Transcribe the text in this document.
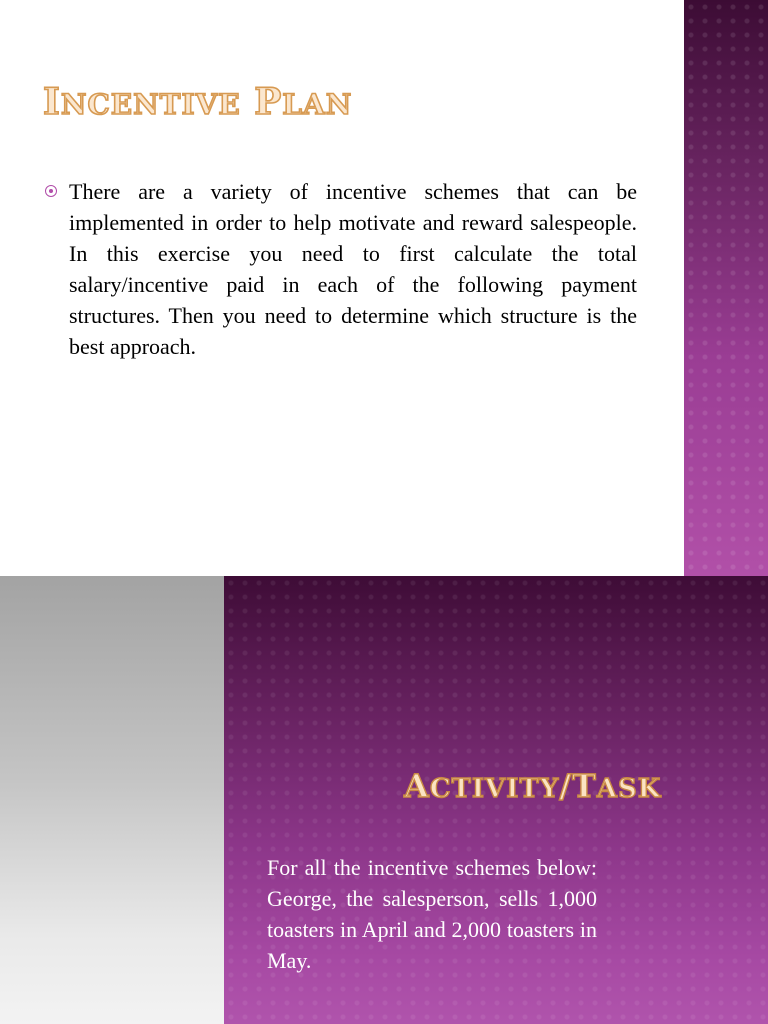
INCENTIVE PLAN

There are a variety of incentive schemes that can be implemented in order to help motivate and reward salespeople. In this exercise you need to first calculate the total salary/incentive paid in each of the following payment structures. Then you need to determine which structure is the best approach.

ACTIVITY/TASK

For all the incentive schemes below: George, the salesperson, sells 1,000 toasters in April and 2,000 toasters in May.
